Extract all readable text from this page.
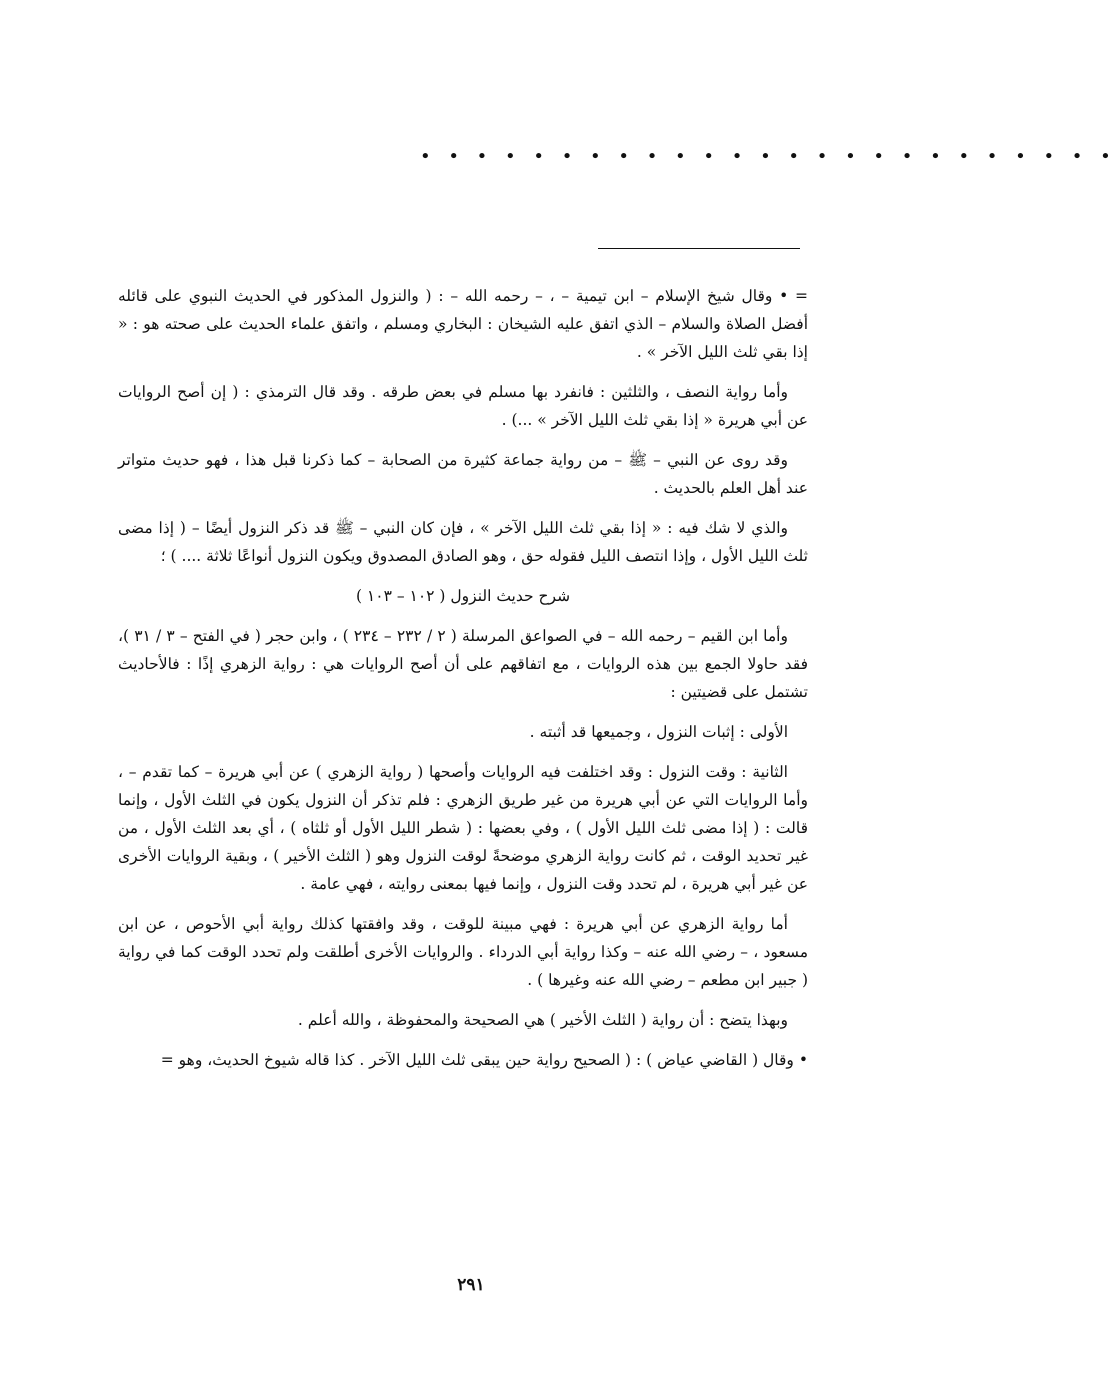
• • • • • • • • • • • • • • • • • • • • • • • • •

= • وقال شيخ الإسلام – ابن تيمية – ، – رحمه الله – : ( والنزول المذكور في الحديث النبوي على قائله أفضل الصلاة والسلام – الذي اتفق عليه الشيخان : البخاري ومسلم ، واتفق علماء الحديث على صحته هو : « إذا بقي ثلث الليل الآخر » .

وأما رواية النصف ، والثلثين : فانفرد بها مسلم في بعض طرقه . وقد قال الترمذي : ( إن أصح الروايات عن أبي هريرة « إذا بقي ثلث الليل الآخر » ...) .

وقد روى عن النبي – ﷺ – من رواية جماعة كثيرة من الصحابة – كما ذكرنا قبل هذا ، فهو حديث متواتر عند أهل العلم بالحديث .

والذي لا شك فيه : « إذا بقي ثلث الليل الآخر » ، فإن كان النبي – ﷺ قد ذكر النزول أيضًا – ( إذا مضى ثلث الليل الأول ، وإذا انتصف الليل فقوله حق ، وهو الصادق المصدوق ويكون النزول أنواعًا ثلاثة .... ) ؛

شرح حديث النزول ( ١٠٢ – ١٠٣ )

وأما ابن القيم – رحمه الله – في الصواعق المرسلة ( ٢ / ٢٣٢ – ٢٣٤ ) ، وابن حجر ( في الفتح – ٣ / ٣١ )، فقد حاولا الجمع بين هذه الروايات ، مع اتفاقهم على أن أصح الروايات هي : رواية الزهري إذًا : فالأحاديث تشتمل على قضيتين :

الأولى : إثبات النزول ، وجميعها قد أثبته .

الثانية : وقت النزول : وقد اختلفت فيه الروايات وأصحها ( رواية الزهري ) عن أبي هريرة – كما تقدم – ، وأما الروايات التي عن أبي هريرة من غير طريق الزهري : فلم تذكر أن النزول يكون في الثلث الأول ، وإنما قالت : ( إذا مضى ثلث الليل الأول ) ، وفي بعضها : ( شطر الليل الأول أو ثلثاه ) ، أي بعد الثلث الأول ، من غير تحديد الوقت ، ثم كانت رواية الزهري موضحةً لوقت النزول وهو ( الثلث الأخير ) ، وبقية الروايات الأخرى عن غير أبي هريرة ، لم تحدد وقت النزول ، وإنما فيها بمعنى روايته ، فهي عامة .

أما رواية الزهري عن أبي هريرة : فهي مبينة للوقت ، وقد وافقتها كذلك رواية أبي الأحوص ، عن ابن مسعود ، – رضي الله عنه – وكذا رواية أبي الدرداء . والروايات الأخرى أطلقت ولم تحدد الوقت كما في رواية ( جبير ابن مطعم – رضي الله عنه وغيرها ) .

وبهذا يتضح : أن رواية ( الثلث الأخير ) هي الصحيحة والمحفوظة ، والله أعلم .

• وقال ( القاضي عياض ) : ( الصحيح رواية حين يبقى ثلث الليل الآخر . كذا قاله شيوخ الحديث، وهو =

٢٩١
